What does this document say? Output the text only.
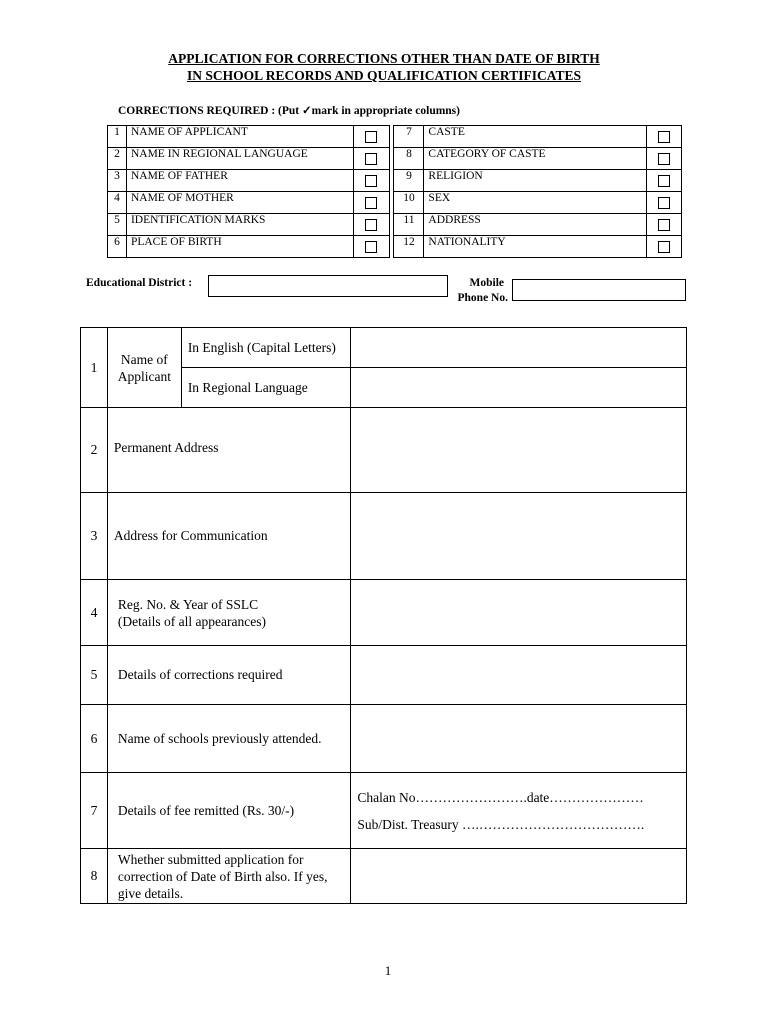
APPLICATION FOR CORRECTIONS OTHER THAN DATE OF BIRTH
IN SCHOOL RECORDS AND QUALIFICATION CERTIFICATES
CORRECTIONS REQUIRED : (Put ✓mark in appropriate columns)
1	NAME OF APPLICANT			7	CASTE	
2	NAME IN REGIONAL LANGUAGE			8	CATEGORY OF CASTE	
3	NAME OF FATHER			9	RELIGION	
4	NAME OF MOTHER			10	SEX	
5	IDENTIFICATION MARKS			11	ADDRESS	
6	PLACE OF BIRTH			12	NATIONALITY	
Educational District :	Mobile
Phone No.
1	Name of Applicant	In English (Capital Letters)	
		In Regional Language	
2	Permanent Address		
3	Address for Communication		
4	Reg. No. & Year of SSLC
(Details of all appearances)		

5	Details of corrections required		
6	Name of schools previously attended.		
7	Details of fee remitted (Rs. 30/-)		Chalan No…………………….date…………………
Sub/Dist. Treasury ….……………………………….

8	Whether submitted application for
correction of Date of Birth also. If yes,
give details.		

1
